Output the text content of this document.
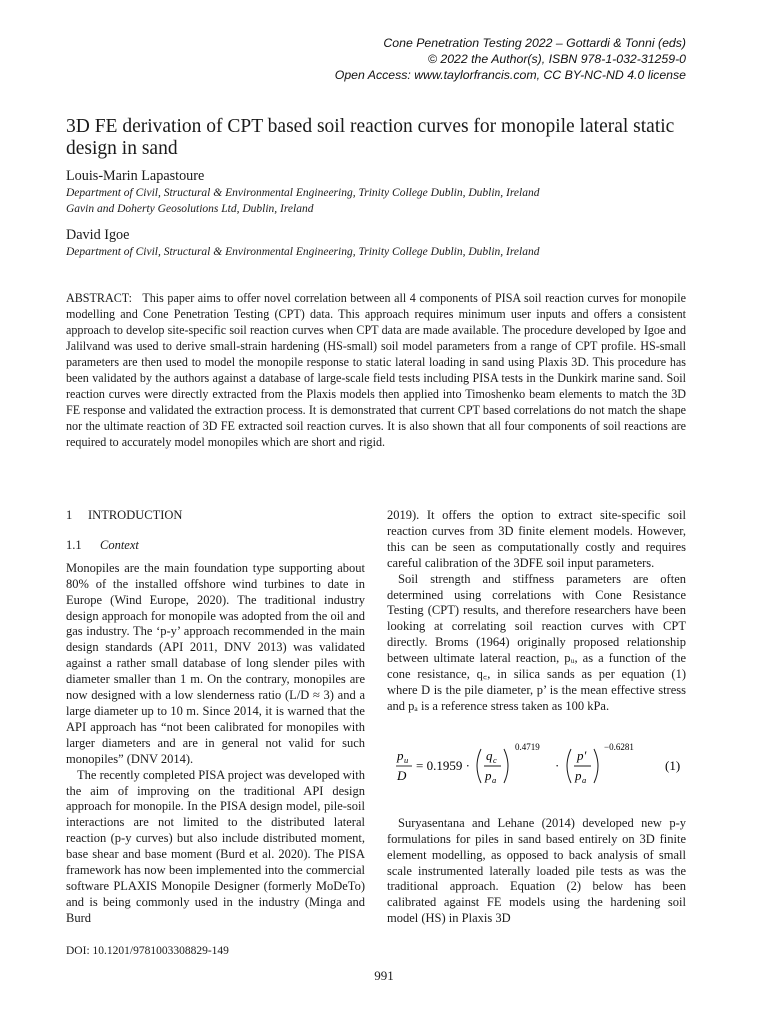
Cone Penetration Testing 2022 – Gottardi & Tonni (eds)
© 2022 the Author(s), ISBN 978-1-032-31259-0
Open Access: www.taylorfrancis.com, CC BY-NC-ND 4.0 license
3D FE derivation of CPT based soil reaction curves for monopile lateral static design in sand
Louis-Marin Lapastoure
Department of Civil, Structural & Environmental Engineering, Trinity College Dublin, Dublin, Ireland
Gavin and Doherty Geosolutions Ltd, Dublin, Ireland
David Igoe
Department of Civil, Structural & Environmental Engineering, Trinity College Dublin, Dublin, Ireland

ABSTRACT: This paper aims to offer novel correlation between all 4 components of PISA soil reaction curves for monopile modelling and Cone Penetration Testing (CPT) data. This approach requires minimum user inputs and offers a consistent approach to develop site-specific soil reaction curves when CPT data are made available. The procedure developed by Igoe and Jalilvand was used to derive small-strain hardening (HS-small) soil model parameters from a range of CPT profile. HS-small parameters are then used to model the monopile response to static lateral loading in sand using Plaxis 3D. This procedure has been validated by the authors against a database of large-scale field tests including PISA tests in the Dunkirk marine sand. Soil reaction curves were directly extracted from the Plaxis models then applied into Timoshenko beam elements to match the 3D FE response and validated the extraction process. It is demonstrated that current CPT based correlations do not match the shape nor the ultimate reaction of 3D FE extracted soil reaction curves. It is also shown that all four components of soil reactions are required to accurately model monopiles which are short and rigid.

1 INTRODUCTION
1.1 Context

Monopiles are the main foundation type supporting about 80% of the installed offshore wind turbines to date in Europe (Wind Europe, 2020). The traditional industry design approach for monopile was adopted from the oil and gas industry. The ‘p-y’ approach recommended in the main design standards (API 2011, DNV 2013) was validated against a rather small database of long slender piles with diameter smaller than 1 m. On the contrary, monopiles are now designed with a low slenderness ratio (L/D ≈ 3) and a large diameter up to 10 m. Since 2014, it is warned that the API approach has “not been calibrated for monopiles with larger diameters and are in general not valid for such monopiles” (DNV 2014).

The recently completed PISA project was developed with the aim of improving on the traditional API design approach for monopile. In the PISA design model, pile-soil interactions are not limited to the distributed lateral reaction (p-y curves) but also include distributed moment, base shear and base moment (Burd et al. 2020). The PISA framework has now been implemented into the commercial software PLAXIS Monopile Designer (formerly MoDeTo) and is being commonly used in the industry (Minga and Burd

2019). It offers the option to extract site-specific soil reaction curves from 3D finite element models. However, this can be seen as computationally costly and requires careful calibration of the 3DFE soil input parameters.

Soil strength and stiffness parameters are often determined using correlations with Cone Resistance Testing (CPT) results, and therefore researchers have been looking at correlating soil reaction curves with CPT directly. Broms (1964) originally proposed relationship between ultimate lateral reaction, pᵤ, as a function of the cone resistance, q꜀, in silica sands as per equation (1) where D is the pile diameter, p’ is the mean effective stress and pₐ is a reference stress taken as 100 kPa.

p u
D
= 0.1959 ·
q c
p a
0.4719
·
p′
p a
−0.6281
(1)

Suryasentana and Lehane (2014) developed new p-y formulations for piles in sand based entirely on 3D finite element modelling, as opposed to back analysis of small scale instrumented laterally loaded pile tests as was the traditional approach. Equation (2) below has been calibrated against FE models using the hardening soil model (HS) in Plaxis 3D

DOI: 10.1201/9781003308829-149
991
